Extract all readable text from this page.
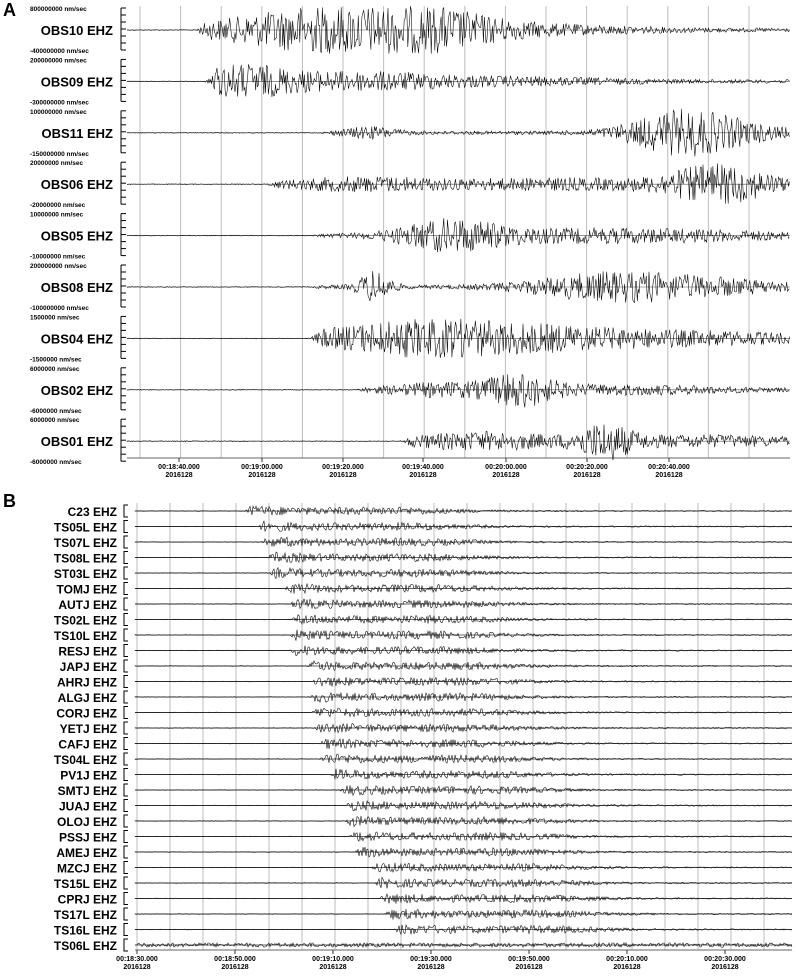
A
00:18:40.000
2016128
00:19:00.000
2016128
00:19:20.000
2016128
00:19:40.000
2016128
00:20:00.000
2016128
00:20:20.000
2016128
00:20:40.000
2016128
800000000 nm/sec
-400000000 nm/sec
OBS10 EHZ
200000000 nm/sec
-300000000 nm/sec
OBS09 EHZ
100000000 nm/sec
-150000000 nm/sec
OBS11 EHZ
20000000 nm/sec
-20000000 nm/sec
OBS06 EHZ
10000000 nm/sec
-10000000 nm/sec
OBS05 EHZ
200000000 nm/sec
-100000000 nm/sec
OBS08 EHZ
1500000 nm/sec
-1500000 nm/sec
OBS04 EHZ
6000000 nm/sec
-6000000 nm/sec
OBS02 EHZ
6000000 nm/sec
-6000000 nm/sec
OBS01 EHZ
B
00:18:30.000
2016128
00:18:50.000
2016128
00:19:10.000
2016128
00:19:30.000
2016128
00:19:50.000
2016128
00:20:10.000
2016128
00:20:30.000
2016128
C23 EHZ
TS05L EHZ
TS07L EHZ
TS08L EHZ
ST03L EHZ
TOMJ EHZ
AUTJ EHZ
TS02L EHZ
TS10L EHZ
RESJ EHZ
JAPJ EHZ
AHRJ EHZ
ALGJ EHZ
CORJ EHZ
YETJ EHZ
CAFJ EHZ
TS04L EHZ
PV1J EHZ
SMTJ EHZ
JUAJ EHZ
OLOJ EHZ
PSSJ EHZ
AMEJ EHZ
MZCJ EHZ
TS15L EHZ
CPRJ EHZ
TS17L EHZ
TS16L EHZ
TS06L EHZ
